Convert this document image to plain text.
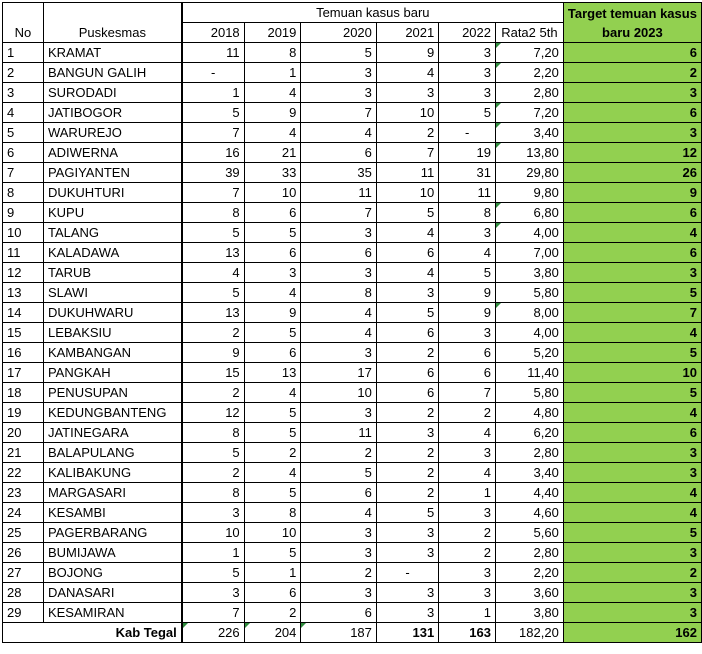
No	Puskesmas	Temuan kasus baru						Target temuan kasus
baru 2023
		2018	2019	2020	2021	2022	Rata2 5th	
1	KRAMAT	11	8	5	9	3	7,20	6
2	BANGUN GALIH	-	1	3	4	3	2,20	2
3	SURODADI	1	4	3	3	3	2,80	3
4	JATIBOGOR	5	9	7	10	5	7,20	6
5	WARUREJO	7	4	4	2	-	3,40	3
6	ADIWERNA	16	21	6	7	19	13,80	12
7	PAGIYANTEN	39	33	35	11	31	29,80	26
8	DUKUHTURI	7	10	11	10	11	9,80	9
9	KUPU	8	6	7	5	8	6,80	6
10	TALANG	5	5	3	4	3	4,00	4
11	KALADAWA	13	6	6	6	4	7,00	6
12	TARUB	4	3	3	4	5	3,80	3
13	SLAWI	5	4	8	3	9	5,80	5
14	DUKUHWARU	13	9	4	5	9	8,00	7
15	LEBAKSIU	2	5	4	6	3	4,00	4
16	KAMBANGAN	9	6	3	2	6	5,20	5
17	PANGKAH	15	13	17	6	6	11,40	10
18	PENUSUPAN	2	4	10	6	7	5,80	5
19	KEDUNGBANTENG	12	5	3	2	2	4,80	4
20	JATINEGARA	8	5	11	3	4	6,20	6
21	BALAPULANG	5	2	2	2	3	2,80	3
22	KALIBAKUNG	2	4	5	2	4	3,40	3
23	MARGASARI	8	5	6	2	1	4,40	4
24	KESAMBI	3	8	4	5	3	4,60	4
25	PAGERBARANG	10	10	3	3	2	5,60	5
26	BUMIJAWA	1	5	3	3	2	2,80	3
27	BOJONG	5	1	2	-	3	2,20	2
28	DANASARI	3	6	3	3	3	3,60	3
29	KESAMIRAN	7	2	6	3	1	3,80	3
Kab Tegal		226	204	187	131	163	182,20	162
